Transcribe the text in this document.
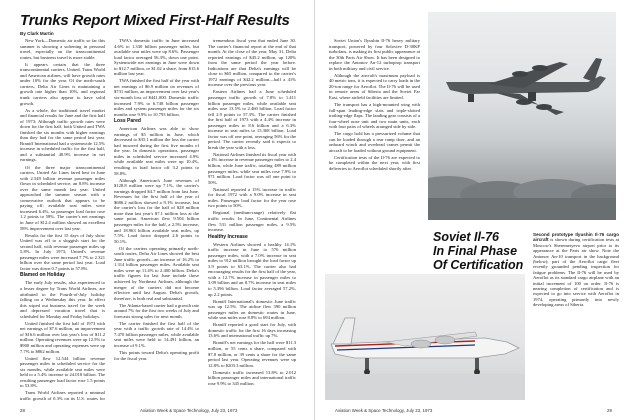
Trunks Report Mixed First-Half Results
By Clark Martin

New York—Domestic air traffic so far this summer is showing a softening in personal travel, especially on the transcontinental routes, but business travel is more stable.

It appears certain that the three transcontinental carriers, United, Trans World and American airlines, will have growth rates under 10% for the year. Of the north-south carriers, Delta Air Lines is maintaining a growth rate higher than 10%, and regional trunk carriers also appear to have solid growth.

As a whole, the traditional travel market and financial results for June and the first half of 1973: Although traffic growth rates were down for the first half, both United and TWA finished the six months with higher earnings than they had for the same period last year. Braniff International had a systemwide 12.5% increase in scheduled traffic for the first half, and a substantial 40.9% increase in net earnings.

Of the three major transcontinental carriers, United Air Lines fared best in June with 2.549 billion revenue passenger miles flown in scheduled service, an 8.8% increase over the same month last year. United approached the summer season with a conservative outlook that appears to be paying off: available seat miles were increased 6.4%, so passenger load factor rose 1.2 points to 58%. The carrier's net earnings in June of $12.4 million showed an excellent 58% improvement over last year.

Results for the first 15 days of July show United was off to a sluggish start for the second half, with revenue passenger miles up 5.8%. In July 1973, United's revenue passenger miles were increased 7.7% to 2.321 billion over the same period last year. Load factor was down 0.7 points to 57.8%.

Blamed on Holiday

The early July results, also experienced to a lesser degree by Trans World Airlines, are attributed to the Fourth-of-July holiday falling on a Wednesday this year. In effect this wiped out business travel for the week and depressed vacation travel that is scheduled for Monday and Friday holidays.

United finished the first half of 1973 with net earnings of $7.6 million, an improvement of $16.6 million over last year's loss of $11.2 million. Operating revenues were up 12.5% to $900 million and operating expenses were up 7.7% to $862 million.

United flew 12.544 billion revenue passenger miles in scheduled service for the six months, while available seat miles were held to a 5.4% increase to 24.018 billion. The resulting passenger load factor rose 1.5 points to 53.8%.

Trans World Airlines reported a minimal traffic growth of 0.3% on its U.S. routes for

TWA's domestic traffic in June increased 4.6% to 1.330 billion passenger miles, but available seat miles were up 8.6%. Passenger load factor averaged 56.3%, down one point. Systemwide net earnings in June were down to $12.7 million, or $1.02 a share, from $15.6 million last year.

TWA finished the first half of the year with net earnings of $6.9 million on revenues of $731 million, an improvement over last year's six-month loss of $441,000. Domestic traffic increased 7.9% to 6.748 billion passenger miles and system passenger miles for the six months rose 9.9% to 10.793 billion.

Loss Pared

American Airlines was able to show earnings of $5 million in June, which decreased to $35.1 million the loss the carrier had incurred during the first five months of the year. In domestic operations, passenger miles in scheduled service increased 4.9% while available seat miles were up 10.4%, resulting in load factor off 3.2 points to 58.8%.

Although American's June revenues of $128.8 million were up 7.1%, the carrier's earnings dropped $4.7 million from last June. Revenues for the first half of the year of $686.2 million showed a 9.1% increase, but the carrier's loss for the half of $28 million more than last year's $7.1 million loss at the same point. American flew 9.504 billion passenger miles for the half, a 2.5% increase, and 18.963 billion available seat miles, up 7.5%. Load factor dropped 2.6 points to 50.1%.

Of the carriers operating primarily north-south routes, Delta Air Lines showed the best June traffic growth—an increase of 16.2% to 1.314 billion passenger miles. Available seat miles were up 11.4% to 2.400 billion. Delta's traffic figures for last June include those achieved by Northeast Airlines, although the merger of the carriers did not become effective until last August. Delta's growth, therefore, is both real and substantial.

The Atlanta-based carrier had a growth rate around 7% for the first two weeks of July and forecasts strong sales for next month.

The carrier finished the first half of the year with a traffic growth rate of 14.4% to 7.470 billion passenger miles, while available seat miles were held to 14.491 billion, an increase of 9.1%.

This points toward Delta's operating profit for the fiscal year.

tremendous fiscal year that ended June 30. The carrier's financial report at the end of that month. At the close of the year, May 31, Delta reported earnings of $45.2 million, up 120% from the same period the year before. Indications are that Delta's earnings will be close to $65 million, compared to the carrier's 1972 earnings of $42.2 million—half a 41% increase over the previous year.

Eastern Airlines had a June scheduled passenger traffic growth of 7.8% to 1.411 billion passenger miles, while available seat miles rose 13.5% to 2.460 billion. Load factor fell 2.9 points to 57.3%. The carrier finished the first half of 1973 with a 4.4% increase in passenger miles to 8.6 billion and a 6.3% increase in seat miles to 15.368 billion. Load factor was off one point, averaging 56% for the period. The carrier recently said it expects to break the year with a loss.

National Airlines finished its fiscal year with a 4% increase in revenue passenger miles to 2.4 billion, while June traffic, totaling 489 million passenger miles, while seat miles rose 7.9% to 971 million. Load factor was off one point to 50%.

National reported a 15% increase in traffic for fiscal 1972 with a 9.0% increase in seat miles. Passenger load factor for the year rose two points to 50%.

Regional (medium-range) relatively flat traffic results. In June, Continental Airlines flew 531 million passenger miles, a 9.5% increase.

Healthy Increase

Western Airlines showed a healthy 14.1% traffic increase in June to 576 million passenger miles, with a 7.0% increase in seat miles to 912 million brought the load factor up 3.9 points to 63.1%. The carrier also had encouraging results for the first half of the year, with a 12.7% increase in passenger miles to 3.09 billion and an 8.7% increase in seat miles to 5.396 billion. Load factor averaged 57.2%, up 2.2 points.

Braniff International's domestic June traffic was up 12.5%. The airline flew 390 million passenger miles on domestic routes in June, while seat miles rose 8.8% to 694 million.

Braniff reported a good start for July, with domestic traffic for the first 16 days increasing 13.6% and international traffic up 7%.

Braniff's net earnings for the half were $11.3 million, or 55 cents a share, compared with $7.8 million, or 39 cents a share for the same period last year. Operating revenues were up 12.8% to $203.3 million.

Domestic traffic increased 13.8% to 2.012 billion passenger miles and international traffic rose 9.9% to 345 million.

28	Aviation Week & Space Technology, July 23, 1973

Soviet Union's Ilyushin Il-76 heavy military transport, powered by four Soloviev D-30KP turbofans, is making its first public appearance at the 30th Paris Air Show. It has been designed to replace the Antonov An-12 turboprop transport in both military and civil service.

Although the aircraft's maximum payload is 40 metric tons, it is expected to carry loads in the 20-ton range for Aeroflot. The Il-76 will be used in remote areas of Siberia and the Soviet Far East, where airfield facilities are limited.

The transport has a high-mounted wing with full-span leading-edge slats and triple-slotted trailing-edge flaps. The landing gear consists of a four-wheel nose unit and two main units, each with four pairs of wheels arranged side by side.

The cargo hold has a pressurized volume that can be loaded through a rear ramp door, and an onboard winch and overhead cranes permit the aircraft to be loaded without ground equipment.

Certification tests of the Il-76 are expected to be completed within the next year, with first deliveries to Aeroflot scheduled shortly after.

Soviet Il-76
In Final Phase
Of Certification
Second prototype Ilyushin Il-76 cargo aircraft is shown during certification tests at Moscow's Sheremetyevo airport prior to its appearance at the Paris air show. Note the Antonov An-10 transport in the background (below); part of the Aeroflot cargo fleet recently grounded pending inspection for fatigue problems. The Il-76 will be used by Aeroflot as its standard cargo airplane with an initial increment of 100 on order. Il-76 is nearing completion of certification and is expected to go into service with Aeroflot in 1974, operating primarily into newly developing areas of Siberia.
Aviation Week & Space Technology, July 23, 1973	29
